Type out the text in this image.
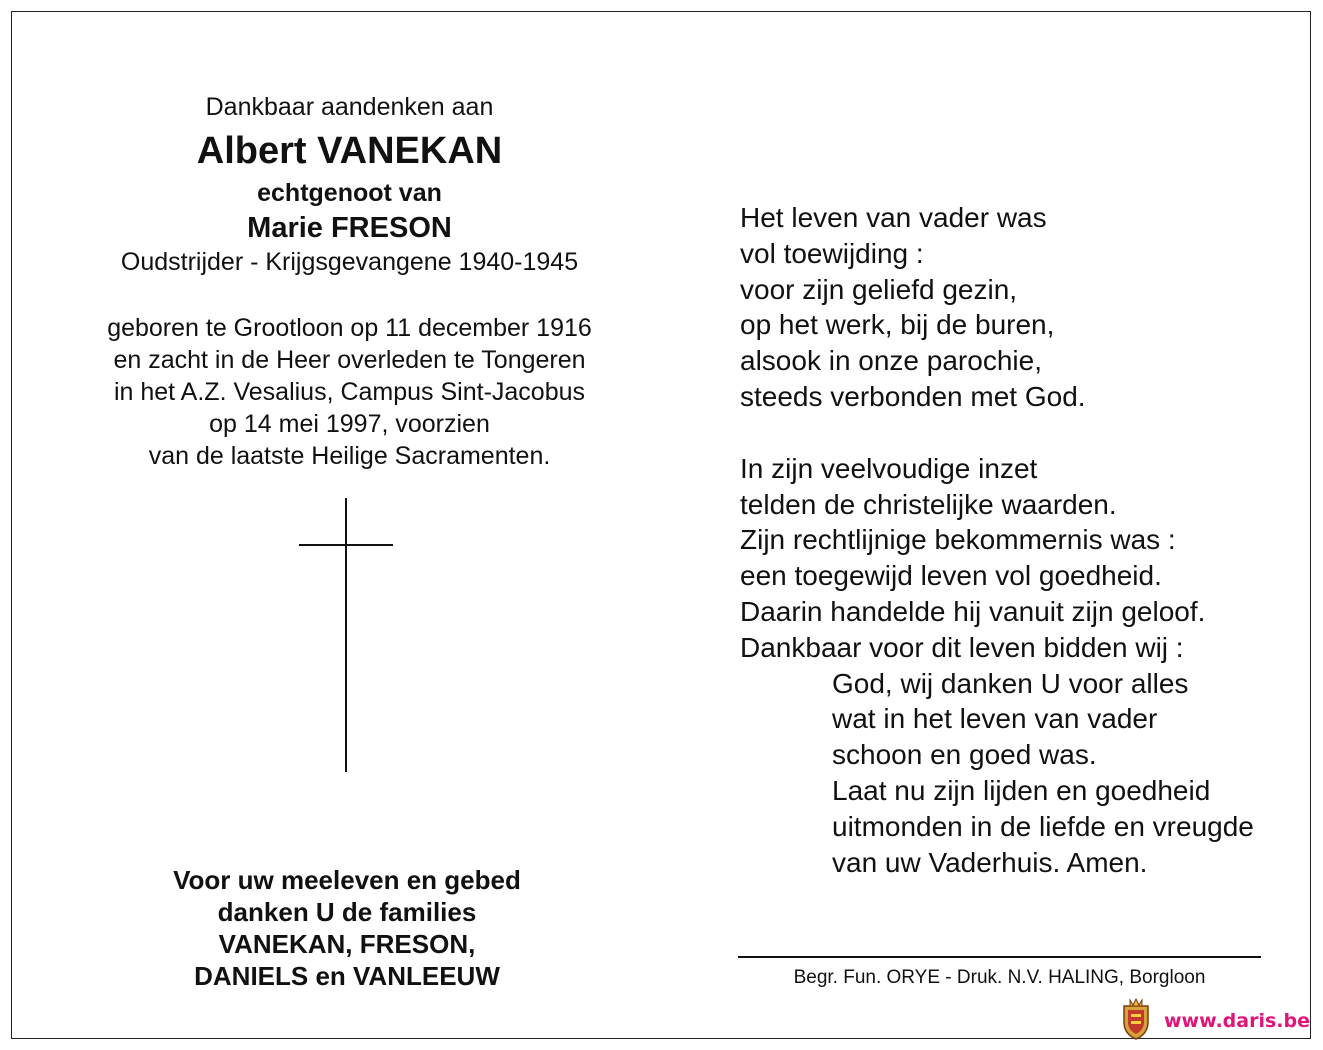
Dankbaar aandenken aan
Albert VANEKAN
echtgenoot van
Marie FRESON
Oudstrijder - Krijgsgevangene 1940-1945
geboren te Grootloon op 11 december 1916
en zacht in de Heer overleden te Tongeren
in het A.Z. Vesalius, Campus Sint-Jacobus
op 14 mei 1997, voorzien
van de laatste Heilige Sacramenten.
Voor uw meeleven en gebed
danken U de families
VANEKAN, FRESON,
DANIELS en VANLEEUW
Het leven van vader was
vol toewijding :
voor zijn geliefd gezin,
op het werk, bij de buren,
alsook in onze parochie,
steeds verbonden met God.
In zijn veelvoudige inzet
telden de christelijke waarden.
Zijn rechtlijnige bekommernis was :
een toegewijd leven vol goedheid.
Daarin handelde hij vanuit zijn geloof.
Dankbaar voor dit leven bidden wij :
God, wij danken U voor alles
wat in het leven van vader
schoon en goed was.
Laat nu zijn lijden en goedheid
uitmonden in de liefde en vreugde
van uw Vaderhuis. Amen.
Begr. Fun. ORYE - Druk. N.V. HALING, Borgloon
www.daris.be
